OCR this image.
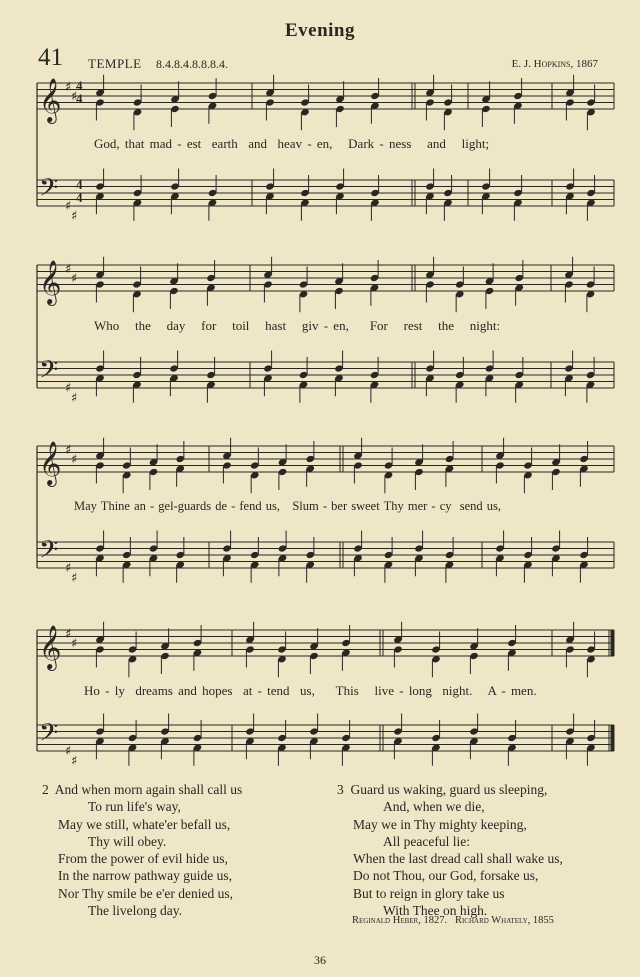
Evening
41 TEMPLE 8.4.8.4.8.8.8.4.	E. J. Hopkins, 1867
𝄞
𝄢
♯
♯
♯
♯
𝄞
𝄢
♯
♯
♯
♯
𝄞
𝄢
♯
♯
♯
♯
𝄞
𝄢
♯
♯
♯
♯
4
4
4
4
God, that mad - est  earth  and  heav - en,   Dark - ness   and   light;
Who   the   day   for   toil   hast   giv - en,    For   rest   the   night:
May Thine an - gel-guards de - fend us,   Slum - ber sweet Thy mer - cy  send us,
Ho - ly  dreams and hopes  at - tend  us,    This   live - long  night.   A - men.
2 And when morn again shall call us
To run life's way,
May we still, whate'er befall us,
Thy will obey.
From the power of evil hide us,
In the narrow pathway guide us,
Nor Thy smile be e'er denied us,
The livelong day.
3 Guard us waking, guard us sleeping,
And, when we die,
May we in Thy mighty keeping,
All peaceful lie:
When the last dread call shall wake us,
Do not Thou, our God, forsake us,
But to reign in glory take us
With Thee on high.
Reginald Heber, 1827.   Richard Whately, 1855
36
